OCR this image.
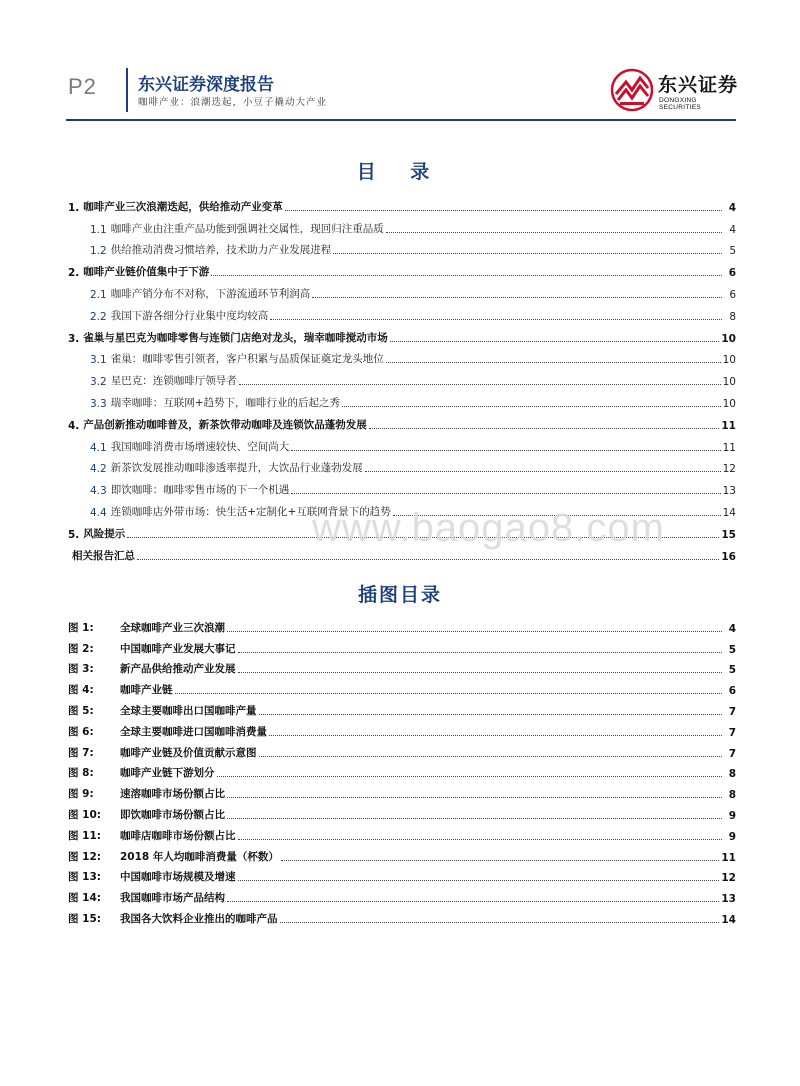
P2 东兴证券深度报告
咖啡产业：浪潮迭起，小豆子撬动大产业
东兴证券
DONGXING SECURITIES
目 录
1. 咖啡产业三次浪潮迭起，供给推动产业变革	4
1.1 咖啡产业由注重产品功能到强调社交属性，现回归注重品质	4
1.2 供给推动消费习惯培养，技术助力产业发展进程	5
2. 咖啡产业链价值集中于下游	6
2.1 咖啡产销分布不对称，下游流通环节利润高	6
2.2 我国下游各细分行业集中度均较高	8
3. 雀巢与星巴克为咖啡零售与连锁门店绝对龙头，瑞幸咖啡搅动市场	10
3.1 雀巢：咖啡零售引领者，客户积累与品质保证奠定龙头地位	10
3.2 星巴克：连锁咖啡厅领导者	10
3.3 瑞幸咖啡：互联网+趋势下，咖啡行业的后起之秀	10
4. 产品创新推动咖啡普及，新茶饮带动咖啡及连锁饮品蓬勃发展	11
4.1 我国咖啡消费市场增速较快、空间尚大	11
4.2 新茶饮发展推动咖啡渗透率提升，大饮品行业蓬勃发展	12
4.3 即饮咖啡：咖啡零售市场的下一个机遇	13
4.4 连锁咖啡店外带市场：快生活+定制化+互联网背景下的趋势	14
5. 风险提示	15
相关报告汇总	16
www.baogao8.com
插图目录
图 1:	全球咖啡产业三次浪潮	4
图 2:	中国咖啡产业发展大事记	5
图 3:	新产品供给推动产业发展	5
图 4:	咖啡产业链	6
图 5:	全球主要咖啡出口国咖啡产量	7
图 6:	全球主要咖啡进口国咖啡消费量	7
图 7:	咖啡产业链及价值贡献示意图	7
图 8:	咖啡产业链下游划分	8
图 9:	速溶咖啡市场份额占比	8
图 10:	即饮咖啡市场份额占比	9
图 11:	咖啡店咖啡市场份额占比	9
图 12:	2018 年人均咖啡消费量（杯数）	11
图 13:	中国咖啡市场规模及增速	12
图 14:	我国咖啡市场产品结构	13
图 15:	我国各大饮料企业推出的咖啡产品	14
